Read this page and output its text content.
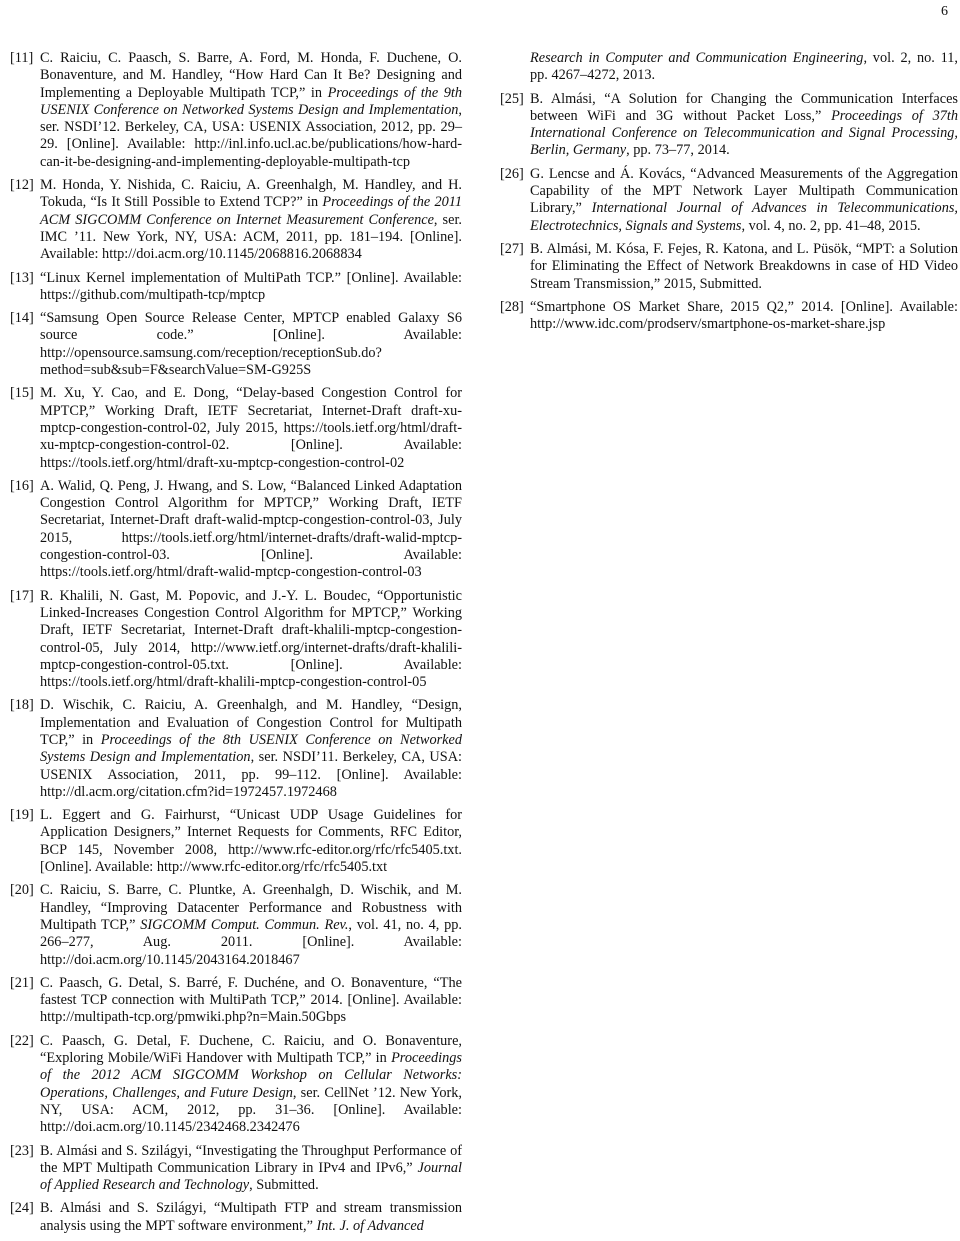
6
[11] C. Raiciu, C. Paasch, S. Barre, A. Ford, M. Honda, F. Duchene, O. Bonaventure, and M. Handley, “How Hard Can It Be? Designing and Implementing a Deployable Multipath TCP,” in Proceedings of the 9th USENIX Conference on Networked Systems Design and Implementation, ser. NSDI’12. Berkeley, CA, USA: USENIX Association, 2012, pp. 29–29. [Online]. Available: http://inl.info.ucl.ac.be/publications/how-hard-can-it-be-designing-and-implementing-deployable-multipath-tcp
[12] M. Honda, Y. Nishida, C. Raiciu, A. Greenhalgh, M. Handley, and H. Tokuda, “Is It Still Possible to Extend TCP?” in Proceedings of the 2011 ACM SIGCOMM Conference on Internet Measurement Conference, ser. IMC ’11. New York, NY, USA: ACM, 2011, pp. 181–194. [Online]. Available: http://doi.acm.org/10.1145/2068816.2068834
[13] “Linux Kernel implementation of MultiPath TCP.” [Online]. Available: https://github.com/multipath-tcp/mptcp
[14] “Samsung Open Source Release Center, MPTCP enabled Galaxy S6 source code.” [Online]. Available: http://opensource.samsung.com/reception/receptionSub.do?method=sub&sub=F&searchValue=SM-G925S
[15] M. Xu, Y. Cao, and E. Dong, “Delay-based Congestion Control for MPTCP,” Working Draft, IETF Secretariat, Internet-Draft draft-xu-mptcp-congestion-control-02, July 2015, https://tools.ietf.org/html/draft-xu-mptcp-congestion-control-02. [Online]. Available: https://tools.ietf.org/html/draft-xu-mptcp-congestion-control-02
[16] A. Walid, Q. Peng, J. Hwang, and S. Low, “Balanced Linked Adaptation Congestion Control Algorithm for MPTCP,” Working Draft, IETF Secretariat, Internet-Draft draft-walid-mptcp-congestion-control-03, July 2015, https://tools.ietf.org/html/internet-drafts/draft-walid-mptcp-congestion-control-03. [Online]. Available: https://tools.ietf.org/html/draft-walid-mptcp-congestion-control-03
[17] R. Khalili, N. Gast, M. Popovic, and J.-Y. L. Boudec, “Opportunistic Linked-Increases Congestion Control Algorithm for MPTCP,” Working Draft, IETF Secretariat, Internet-Draft draft-khalili-mptcp-congestion-control-05, July 2014, http://www.ietf.org/internet-drafts/draft-khalili-mptcp-congestion-control-05.txt. [Online]. Available: https://tools.ietf.org/html/draft-khalili-mptcp-congestion-control-05
[18] D. Wischik, C. Raiciu, A. Greenhalgh, and M. Handley, “Design, Implementation and Evaluation of Congestion Control for Multipath TCP,” in Proceedings of the 8th USENIX Conference on Networked Systems Design and Implementation, ser. NSDI’11. Berkeley, CA, USA: USENIX Association, 2011, pp. 99–112. [Online]. Available: http://dl.acm.org/citation.cfm?id=1972457.1972468
[19] L. Eggert and G. Fairhurst, “Unicast UDP Usage Guidelines for Application Designers,” Internet Requests for Comments, RFC Editor, BCP 145, November 2008, http://www.rfc-editor.org/rfc/rfc5405.txt. [Online]. Available: http://www.rfc-editor.org/rfc/rfc5405.txt
[20] C. Raiciu, S. Barre, C. Pluntke, A. Greenhalgh, D. Wischik, and M. Handley, “Improving Datacenter Performance and Robustness with Multipath TCP,” SIGCOMM Comput. Commun. Rev., vol. 41, no. 4, pp. 266–277, Aug. 2011. [Online]. Available: http://doi.acm.org/10.1145/2043164.2018467
[21] C. Paasch, G. Detal, S. Barré, F. Duchéne, and O. Bonaventure, “The fastest TCP connection with MultiPath TCP,” 2014. [Online]. Available: http://multipath-tcp.org/pmwiki.php?n=Main.50Gbps
[22] C. Paasch, G. Detal, F. Duchene, C. Raiciu, and O. Bonaventure, “Exploring Mobile/WiFi Handover with Multipath TCP,” in Proceedings of the 2012 ACM SIGCOMM Workshop on Cellular Networks: Operations, Challenges, and Future Design, ser. CellNet ’12. New York, NY, USA: ACM, 2012, pp. 31–36. [Online]. Available: http://doi.acm.org/10.1145/2342468.2342476
[23] B. Almási and S. Szilágyi, “Investigating the Throughput Performance of the MPT Multipath Communication Library in IPv4 and IPv6,” Journal of Applied Research and Technology, Submitted.
[24] B. Almási and S. Szilágyi, “Multipath FTP and stream transmission analysis using the MPT software environment,” Int. J. of Advanced
Research in Computer and Communication Engineering, vol. 2, no. 11, pp. 4267–4272, 2013.
[25] B. Almási, “A Solution for Changing the Communication Interfaces between WiFi and 3G without Packet Loss,” Proceedings of 37th International Conference on Telecommunication and Signal Processing, Berlin, Germany, pp. 73–77, 2014.
[26] G. Lencse and Á. Kovács, “Advanced Measurements of the Aggregation Capability of the MPT Network Layer Multipath Communication Library,” International Journal of Advances in Telecommunications, Electrotechnics, Signals and Systems, vol. 4, no. 2, pp. 41–48, 2015.
[27] B. Almási, M. Kósa, F. Fejes, R. Katona, and L. Püsök, “MPT: a Solution for Eliminating the Effect of Network Breakdowns in case of HD Video Stream Transmission,” 2015, Submitted.
[28] “Smartphone OS Market Share, 2015 Q2,” 2014. [Online]. Available: http://www.idc.com/prodserv/smartphone-os-market-share.jsp
